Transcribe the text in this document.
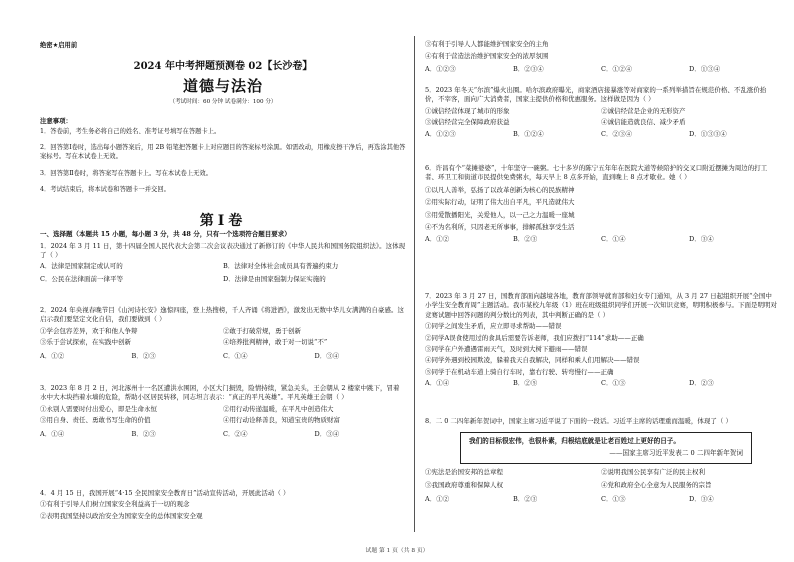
绝密★启用前
2024 年中考押题预测卷 02【长沙卷】
道德与法治
（考试时间：60 分钟 试卷满分：100 分）
注意事项：
1．答卷前，考生务必将自己的姓名、准考证号填写在答题卡上。
2．回答第Ⅰ卷时，选出每小题答案后，用 2B 铅笔把答题卡上对应题目的答案标号涂黑。如需改动，用橡皮擦干净后，再选涂其他答案标号。写在本试卷上无效。
3．回答第Ⅱ卷时，将答案写在答题卡上。写在本试卷上无效。
4．考试结束后，将本试卷和答题卡一并交回。
第Ⅰ卷
一、选择题（本题共 15 小题，每小题 3 分，共 48 分，只有一个选项符合题目要求）
1．2024 年 3 月 11 日，第十四届全国人民代表大会第二次会议表决通过了新修订的《中华人民共和国国务院组织法》。这体现了（ ）
A．法律是国家制定或认可的	B．法律对全体社会成员具有普遍约束力
C．公民在法律面前一律平等	D．法律是由国家强制力保证实施的
2．2024 年央视春晚节目《山河诗长安》逸惊四座，登上热搜榜，千人齐诵《将进酒》，激发出无数中华儿女满满的自豪感。这启示我们要坚定文化自信，我们要做到（ ）
①学会包容差异，欢于和他人争辩	②敢于打破常规，勇于创新
③乐于尝试探索，在实践中创新	④培养批判精神，敢于对一切说“不”
A．①②	B．②③	C．①④	D．③④
3．2023 年 8 月 2 日，河北涿州十一名区遭洪水围困，小区大门损毁，险情持续，紧急关头，王会朝从 2 楼家中跳下，冒着水中大木块挡着水墙的危险，帮助小区居民转移，同志坦言表示：“真正的平凡英雄”。平凡英雄王会朝（ ）
①永别人需要时付出爱心，即是生命永恒	②用行动传递温暖，在平凡中创造伟大
③用自身、责任、勇敢书写生命的价值	④用行动诠释善良，知道宝贵的物质财富
A．①④	B．②③	C．②④	D．③④
4．4 月 15 日，我国开展“4·15 全民国家安全教育日”活动宣传活动，开展此活动（ ）
①有利于引导人们树立国家安全利益高于一切的观念
②表明我国坚持以政治安全为国家安全的总体国家安全观
③有利于引导人人都能维护国家安全的主角
④有利于营造法治维护国家安全的浓厚氛围
A．①②③	B．②③④	C．①②④	D．①③④
5．2023 年冬天“尔滨”爆火出圈。哈尔滨政府曝光，商家酒店接暴涨等对商家的一系列举措旨在规范价格、不乱涨价抬价，不宰客，面向广大消费者，国家主提供价格和优惠服务。这样做是因为（ ）
①诚信经营体现了城市的形象	②诚信经营是企业的无形资产
③诚信经营完全保障政府获益	④诚信能造就良信、减少矛盾
A．①②③	B．①②④	C．②③④	D．①③③④
6．许昌有个“菜摊婆婆”，十年坚守一碗粥。七十多岁的陈宁五年年在医院大道等候陪护的交叉口附近摆摊为周边的打工者、环卫工和街道市民提供免费粥水，每天早上 8 点多开始，直到晚上 8 点才歇业。她（ ）
①以凡人善举，弘扬了以改革创新为核心的民族精神
②用实际行动，证明了伟大出自平凡，平凡造就伟大
③用爱散播阳光，关爱他人，以一己之力温暖一座城
④不为名利所，只因老无所事事，排解孤独享受生活
A．①②	B．②③	C．①④	D．③④
7．2023 年 3 月 27 日，国教育部面向越境各地，教育部领导就育部和妇女专门通知，从 3 月 27 日起组织开展“全国中小学生安全教育周”主题活动。我市某校九年级（1）班在班级组织同学们开展一次知识竞赛，明明积极参与。下面是明明对竞赛试题中回答问题的判分数比的列表，其中判断正确的是（ ）
①同学之间发生矛盾，应立即寻求帮助——错误
②同学A误食使用过的食具后需要告诉老师，我们应拨打“114”求助——正确
③同学在户外遭遇雷雨天气，及时到大树下避雨——错误
④同学外遇到校园欺凌，躲着我天自我解决，同样和乘人们用解决——错误
⑤同学于在机动车道上骑自行车时，靠右行驶、转弯慢行——正确
A．①④	B．②⑤	C．①③	D．②③
8．二 0 二四年新年贺词中，国家主席习近平说了下面的一段话。习近平主席的话理重而温暖，体现了（ ）
我们的目标很宏伟，也很朴素，归根结底就是让老百姓过上更好的日子。
——国家主席习近平发表二 0 二四年新年贺词
①宪法是治国安邦的总章程	②说明我国公民享有广泛的民主权利
③我国政府尊重和保障人权	④党和政府全心全意为人民服务的宗旨
A．①②	B．②③	C．①③	D．③④
试题 第 1 页（共 8 页）
